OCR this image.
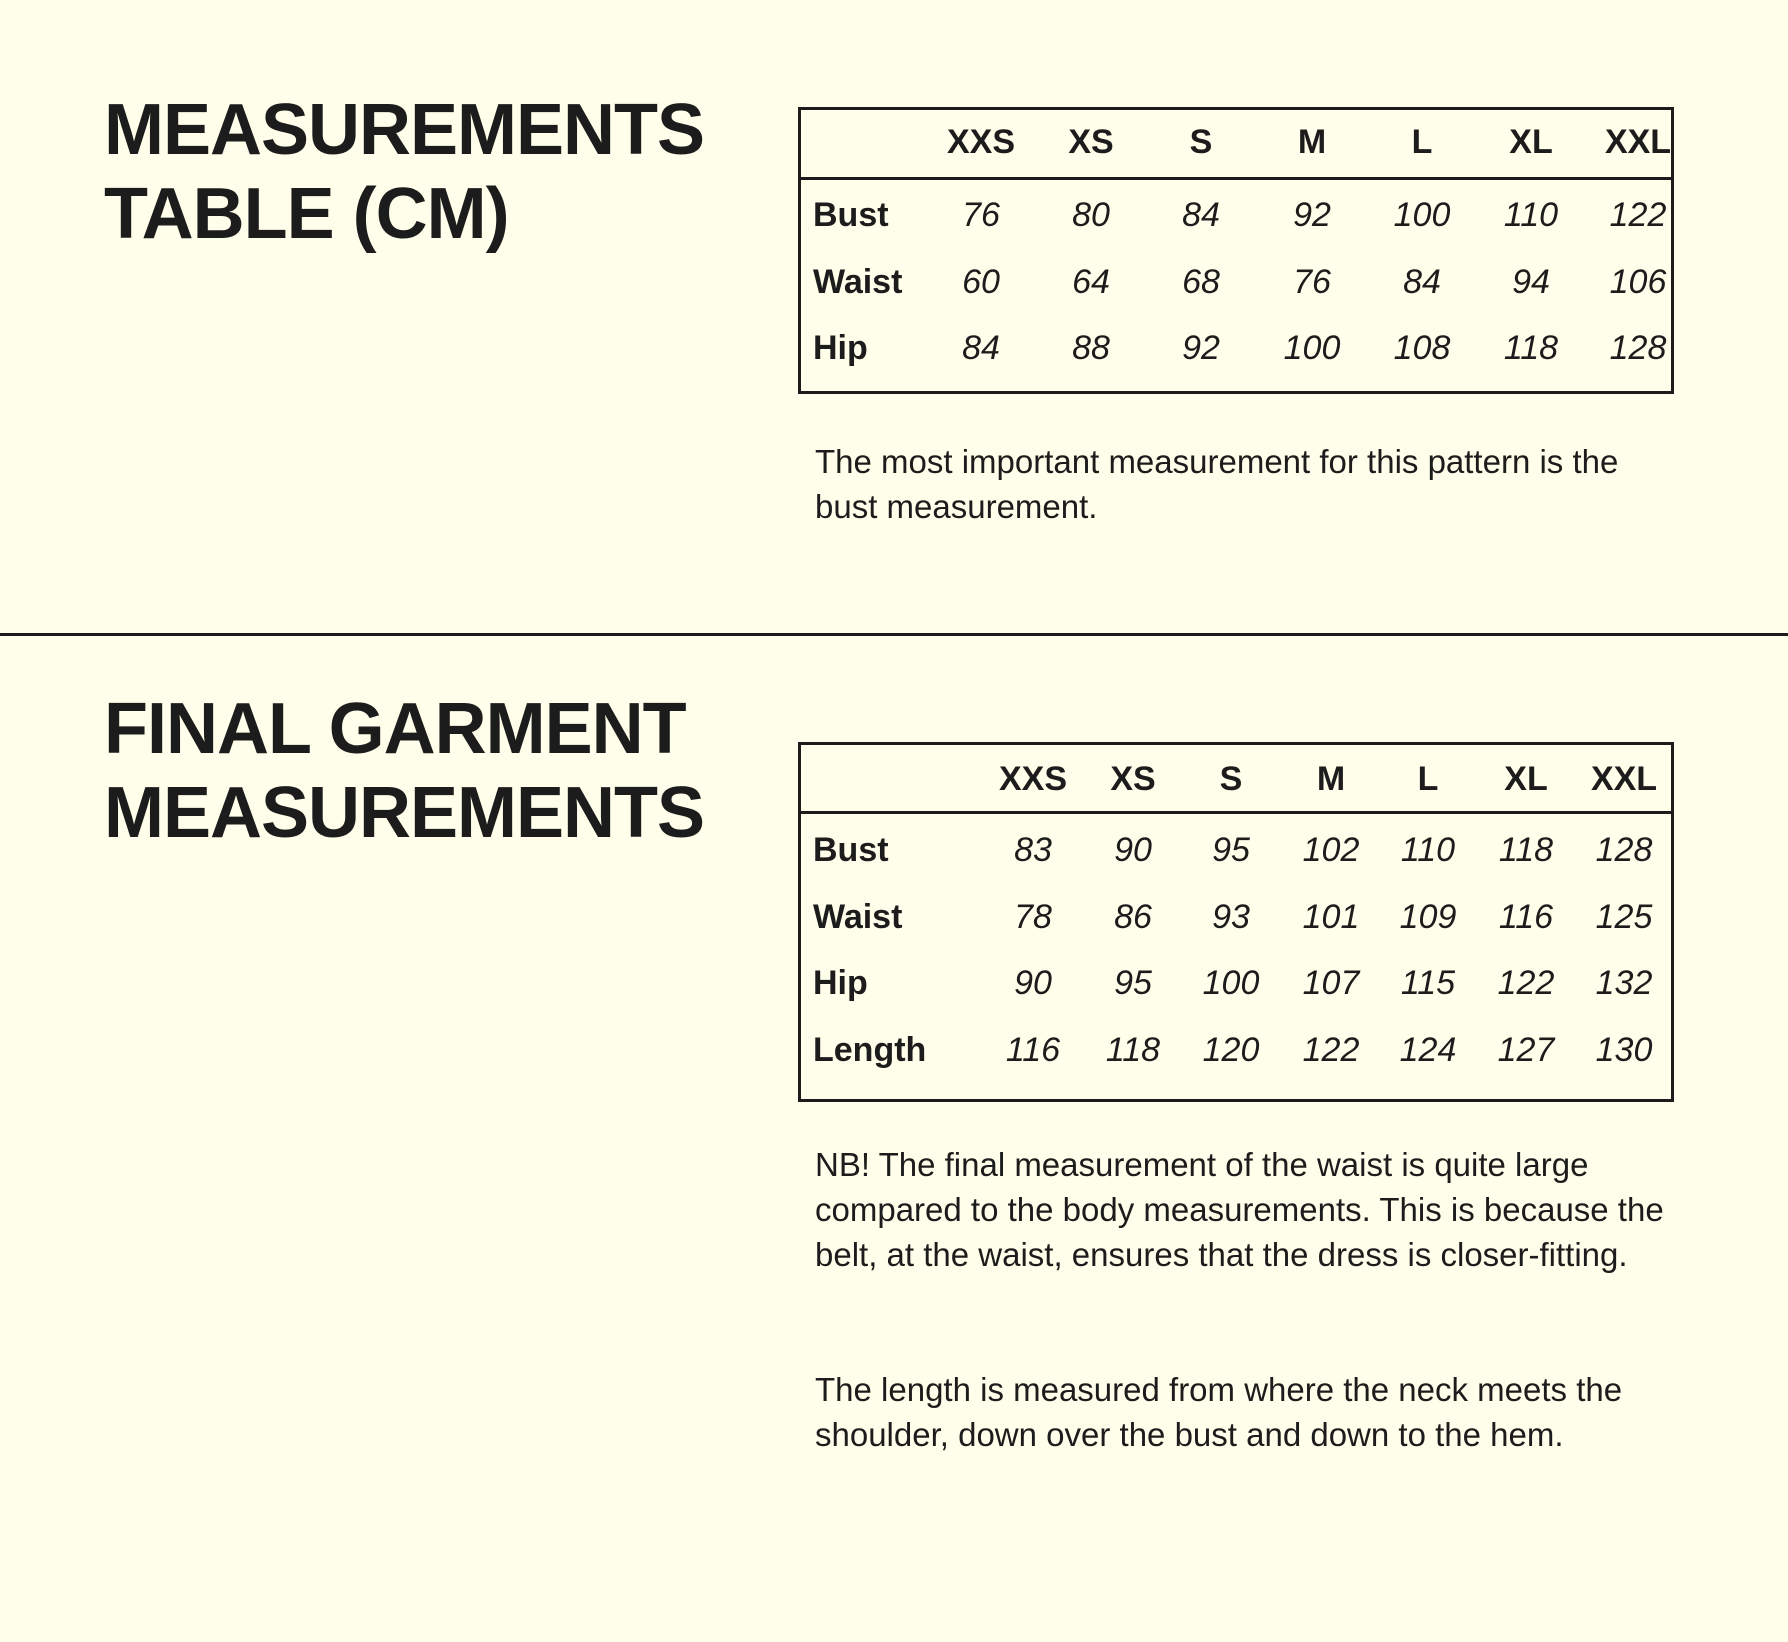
MEASUREMENTS
TABLE (CM)
XXS XS S	M	L XL XXL
Bust 76 80 84 92 100 110 122
Waist 60 64 68 76 84 94 106
Hip	84 88 92 100 108 118 128

The most important measurement for this pattern is the bust measurement.

FINAL GARMENT
MEASUREMENTS	XXS XS S M L XL XXL
Bust	83 90 95 102 110 118 128
Waist	78 86 93 101 109 116 125
Hip	90 95 100 107 115 122 132
Length 116 118 120 122 124 127 130

NB! The final measurement of the waist is quite large compared to the body measurements. This is because the belt, at the waist, ensures that the dress is closer-fitting.

The length is measured from where the neck meets the shoulder, down over the bust and down to the hem.
